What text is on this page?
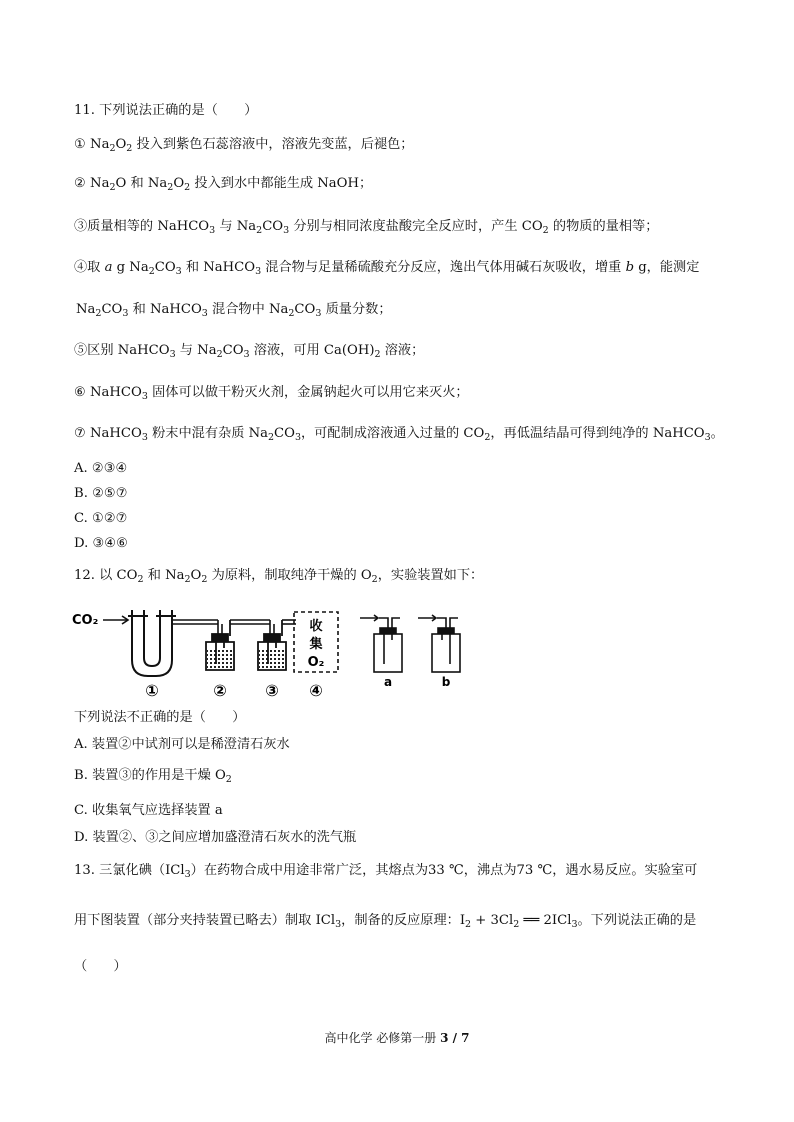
11. 下列说法正确的是（　　）
① $Na_2O_2$ 投入到紫色石蕊溶液中，溶液先变蓝，后褪色；
② $Na_2O$ 和 $Na_2O_2$ 投入到水中都能生成 NaOH；
③质量相等的 NaHCO$_3$ 与 $Na_2CO_3$ 分别与相同浓度盐酸完全反应时，产生 $CO_2$ 的物质的量相等；
④取 a g $Na_2CO_3$ 和 NaHCO$_3$ 混合物与足量稀硫酸充分反应，逸出气体用碱石灰吸收，增重 b g，能测定
$Na_2CO_3$ 和 NaHCO$_3$ 混合物中 $Na_2CO_3$ 质量分数；
⑤区别 NaHCO$_3$ 与 $Na_2CO_3$ 溶液，可用 $Ca(OH)_2$ 溶液；
⑥ NaHCO$_3$ 固体可以做干粉灭火剂，金属钠起火可以用它来灭火；
⑦ NaHCO$_3$ 粉末中混有杂质 $Na_2CO_3$，可配制成溶液通入过量的 $CO_2$，再低温结晶可得到纯净的 NaHCO$_3$。
A. ②③④
B. ②⑤⑦
C. ①②⑦
D. ③④⑥
12. 以 $CO_2$ 和 $Na_2O_2$ 为原料，制取纯净干燥的 $O_2$，实验装置如下：
CO₂	收
集
O₂
①	② ③ ④	a	b
下列说法不正确的是（　　）
A. 装置②中试剂可以是稀澄清石灰水
B. 装置③的作用是干燥 $O_2$
C. 收集氧气应选择装置 a
D. 装置②、③之间应增加盛澄清石灰水的洗气瓶
13. 三氯化碘（ICl$_3$）在药物合成中用途非常广泛，其熔点为33 ℃，沸点为73 ℃，遇水易反应。实验室可
用下图装置（部分夹持装置已略去）制取 ICl$_3$，制备的反应原理：$I_2 + 3Cl_2$ ══ 2ICl$_3$。下列说法正确的是
（　　）
高中化学 必修第一册 3 / 7
